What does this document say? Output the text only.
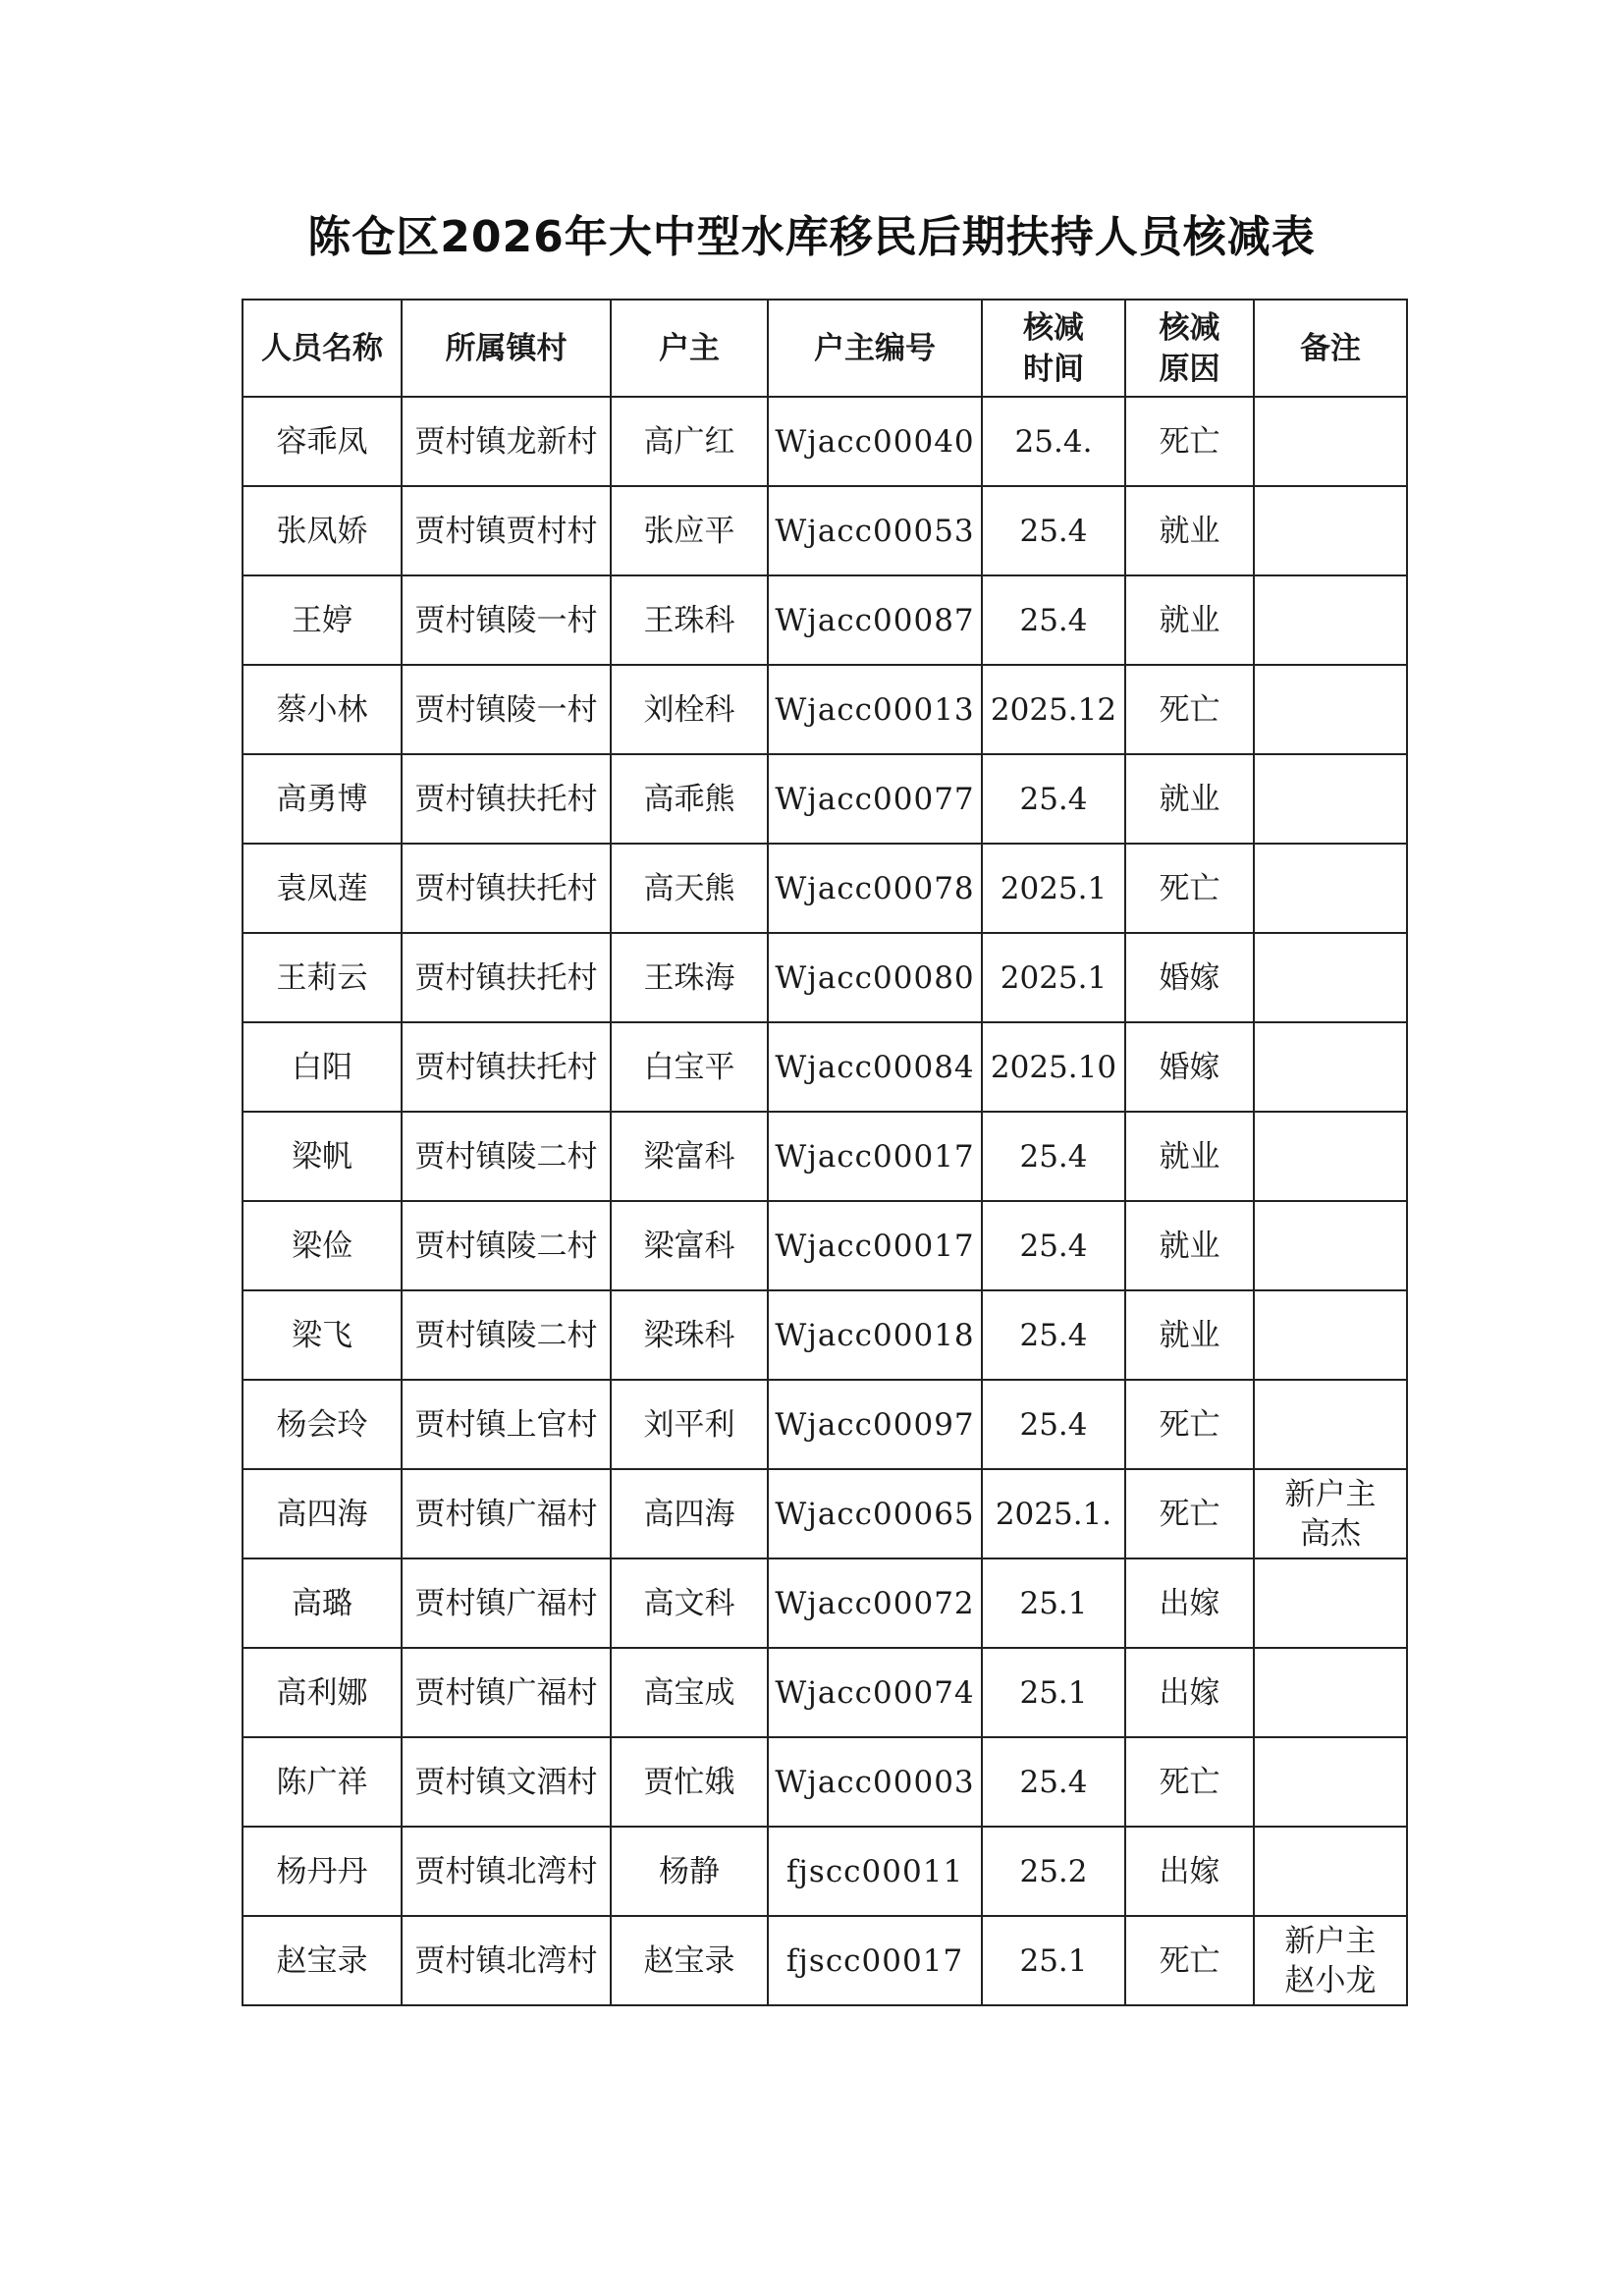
陈仓区2026年大中型水库移民后期扶持人员核减表
人员名称	所属镇村	户主	户主编号	核减时间	核减原因	备注
容乖凤	贾村镇龙新村	高广红	Wjacc00040	25.4.	死亡	
张凤娇	贾村镇贾村村	张应平	Wjacc00053	25.4	就业	
王婷	贾村镇陵一村	王珠科	Wjacc00087	25.4	就业	
蔡小林	贾村镇陵一村	刘栓科	Wjacc00013	2025.12	死亡	
高勇博	贾村镇扶托村	高乖熊	Wjacc00077	25.4	就业	
袁凤莲	贾村镇扶托村	高天熊	Wjacc00078	2025.1	死亡	
王莉云	贾村镇扶托村	王珠海	Wjacc00080	2025.1	婚嫁	
白阳	贾村镇扶托村	白宝平	Wjacc00084	2025.10	婚嫁	
梁帆	贾村镇陵二村	梁富科	Wjacc00017	25.4	就业	
梁俭	贾村镇陵二村	梁富科	Wjacc00017	25.4	就业	
梁飞	贾村镇陵二村	梁珠科	Wjacc00018	25.4	就业	
杨会玲	贾村镇上官村	刘平利	Wjacc00097	25.4	死亡	
高四海	贾村镇广福村	高四海	Wjacc00065	2025.1.	死亡	新户主高杰
高璐	贾村镇广福村	高文科	Wjacc00072	25.1	出嫁	
高利娜	贾村镇广福村	高宝成	Wjacc00074	25.1	出嫁	
陈广祥	贾村镇文酒村	贾忙娥	Wjacc00003	25.4	死亡	
杨丹丹	贾村镇北湾村	杨静	fjscc00011	25.2	出嫁	
赵宝录	贾村镇北湾村	赵宝录	fjscc00017	25.1	死亡	新户主赵小龙
